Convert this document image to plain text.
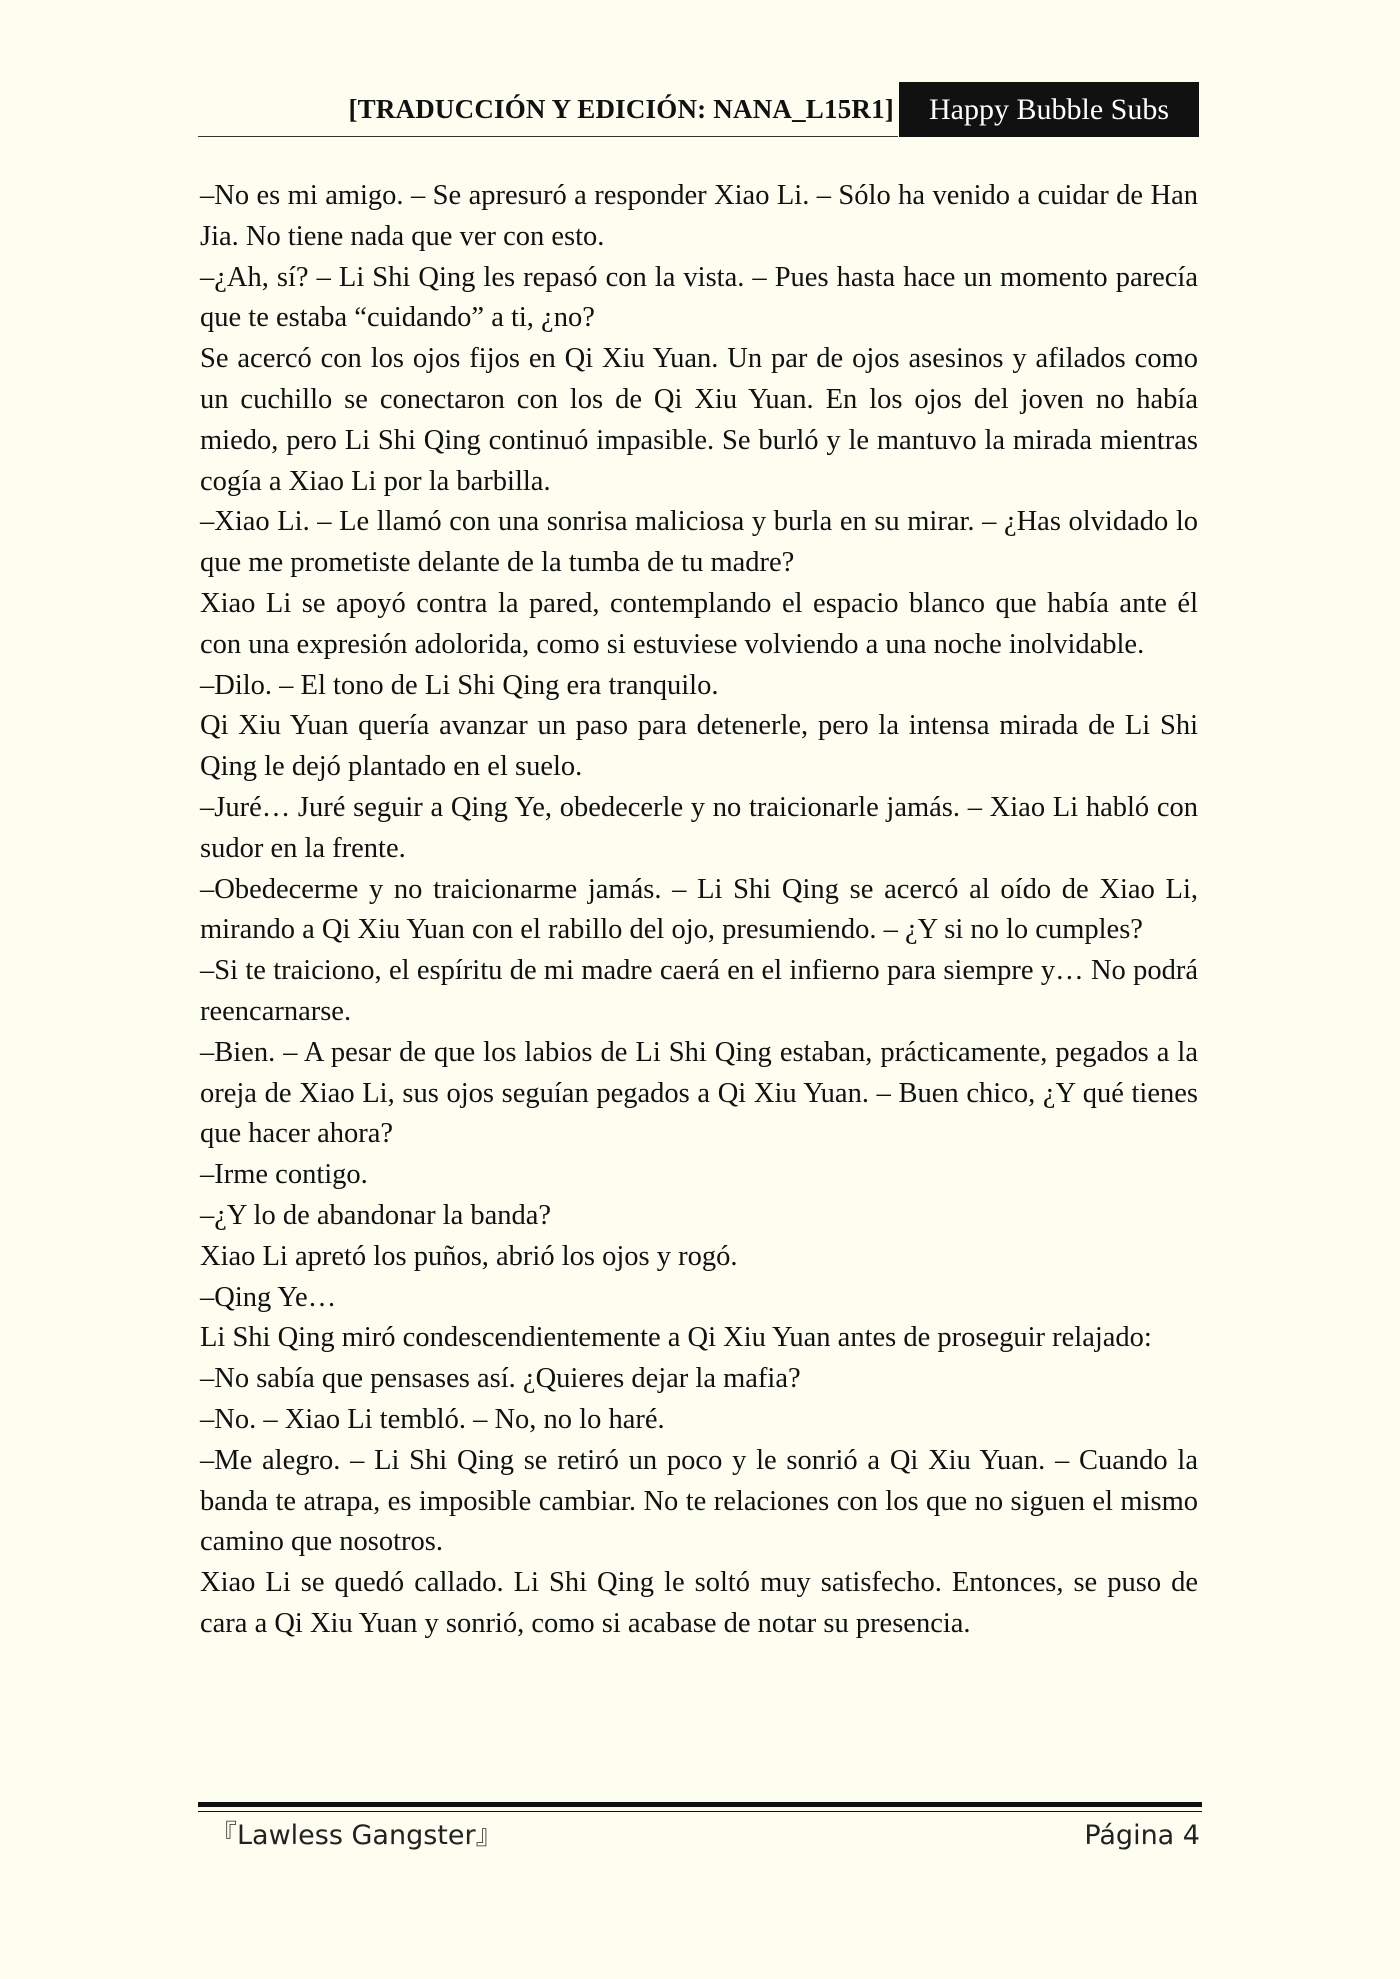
[TRADUCCIÓN Y EDICIÓN: NANA_L15R1]	Happy Bubble Subs

–No es mi amigo. – Se apresuró a responder Xiao Li. – Sólo ha venido a cuidar de Han Jia. No tiene nada que ver con esto.

–¿Ah, sí? – Li Shi Qing les repasó con la vista. – Pues hasta hace un momento parecía que te estaba “cuidando” a ti, ¿no?

Se acercó con los ojos fijos en Qi Xiu Yuan. Un par de ojos asesinos y afilados como un cuchillo se conectaron con los de Qi Xiu Yuan. En los ojos del joven no había miedo, pero Li Shi Qing continuó impasible. Se burló y le mantuvo la mirada mientras cogía a Xiao Li por la barbilla.

–Xiao Li. – Le llamó con una sonrisa maliciosa y burla en su mirar. – ¿Has olvidado lo que me prometiste delante de la tumba de tu madre?

Xiao Li se apoyó contra la pared, contemplando el espacio blanco que había ante él con una expresión adolorida, como si estuviese volviendo a una noche inolvidable.

–Dilo. – El tono de Li Shi Qing era tranquilo.

Qi Xiu Yuan quería avanzar un paso para detenerle, pero la intensa mirada de Li Shi Qing le dejó plantado en el suelo.

–Juré… Juré seguir a Qing Ye, obedecerle y no traicionarle jamás. – Xiao Li habló con sudor en la frente.

–Obedecerme y no traicionarme jamás. – Li Shi Qing se acercó al oído de Xiao Li, mirando a Qi Xiu Yuan con el rabillo del ojo, presumiendo. – ¿Y si no lo cumples?

–Si te traiciono, el espíritu de mi madre caerá en el infierno para siempre y… No podrá reencarnarse.

–Bien. – A pesar de que los labios de Li Shi Qing estaban, prácticamente, pegados a la oreja de Xiao Li, sus ojos seguían pegados a Qi Xiu Yuan. – Buen chico, ¿Y qué tienes que hacer ahora?

–Irme contigo.

–¿Y lo de abandonar la banda?

Xiao Li apretó los puños, abrió los ojos y rogó.

–Qing Ye…

Li Shi Qing miró condescendientemente a Qi Xiu Yuan antes de proseguir relajado:

–No sabía que pensases así. ¿Quieres dejar la mafia?

–No. – Xiao Li tembló. – No, no lo haré.

–Me alegro. – Li Shi Qing se retiró un poco y le sonrió a Qi Xiu Yuan. – Cuando la banda te atrapa, es imposible cambiar. No te relaciones con los que no siguen el mismo camino que nosotros.

Xiao Li se quedó callado. Li Shi Qing le soltó muy satisfecho. Entonces, se puso de cara a Qi Xiu Yuan y sonrió, como si acabase de notar su presencia.

『Lawless Gangster』	Página 4
